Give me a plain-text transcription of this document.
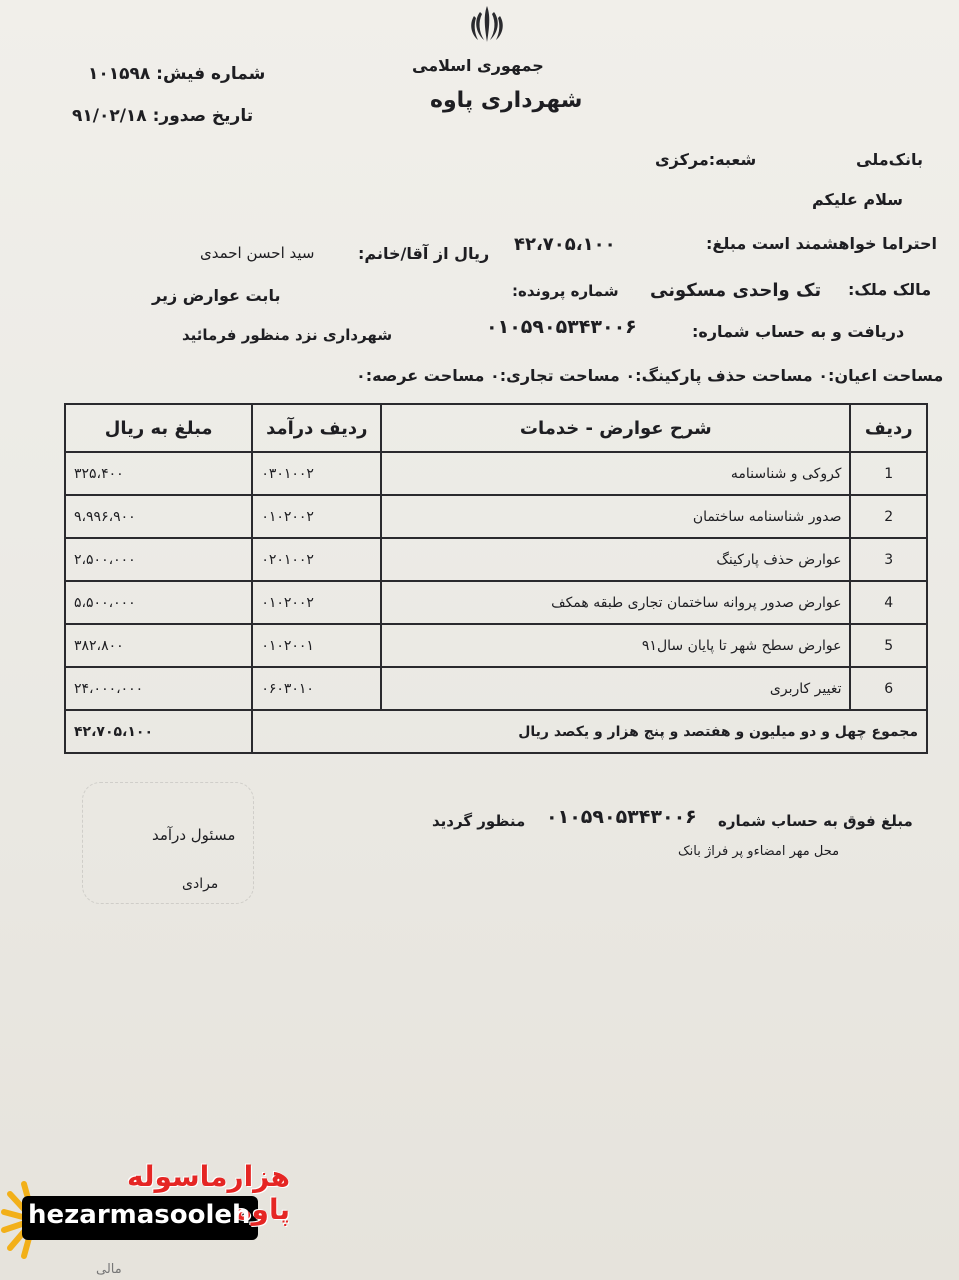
جمهوری اسلامی
شهرداری پاوه
شماره فیش: ۱۰۱۵۹۸
تاریخ صدور: ۹۱/۰۲/۱۸
بانک‌ملی
شعبه:مرکزی
سلام علیکم
احتراما خواهشمند است مبلغ:
۴۲،۷۰۵،۱۰۰
ریال از آقا/خانم:
سید احسن احمدی
مالک ملک:
تک واحدی مسکونی
شماره پرونده:
بابت عوارض زیر
دریافت و به حساب شماره:
۰۱۰۵۹۰۵۳۴۳۰۰۶
شهرداری نزد منظور فرمائید
مساحت اعیان:۰ مساحت حذف پارکینگ:۰ مساحت تجاری:۰ مساحت عرصه:۰
ردیف	شرح عوارض - خدمات	ردیف درآمد	مبلغ به ریال
1	کروکی و شناسنامه	۰۳۰۱۰۰۲	۳۲۵،۴۰۰
2	صدور شناسنامه ساختمان	۰۱۰۲۰۰۲	۹،۹۹۶،۹۰۰
3	عوارض حذف پارکینگ	۰۲۰۱۰۰۲	۲،۵۰۰،۰۰۰
4	عوارض صدور پروانه ساختمان تجاری طبقه همکف	۰۱۰۲۰۰۲	۵،۵۰۰،۰۰۰
5	عوارض سطح شهر تا پایان سال۹۱	۰۱۰۲۰۰۱	۳۸۲،۸۰۰
6	تغییر کاربری	۰۶۰۳۰۱۰	۲۴،۰۰۰،۰۰۰
مجموع چهل و دو میلیون و هفتصد و پنج هزار و یکصد ریال			۴۲،۷۰۵،۱۰۰
مبلغ فوق به حساب شماره
۰۱۰۵۹۰۵۳۴۳۰۰۶
منظور گردید
محل مهر امضاءو پر فراژ بانک
مسئول درآمد
مرادی
مالی
هزارماسوله پاوه
hezarmasooleh
